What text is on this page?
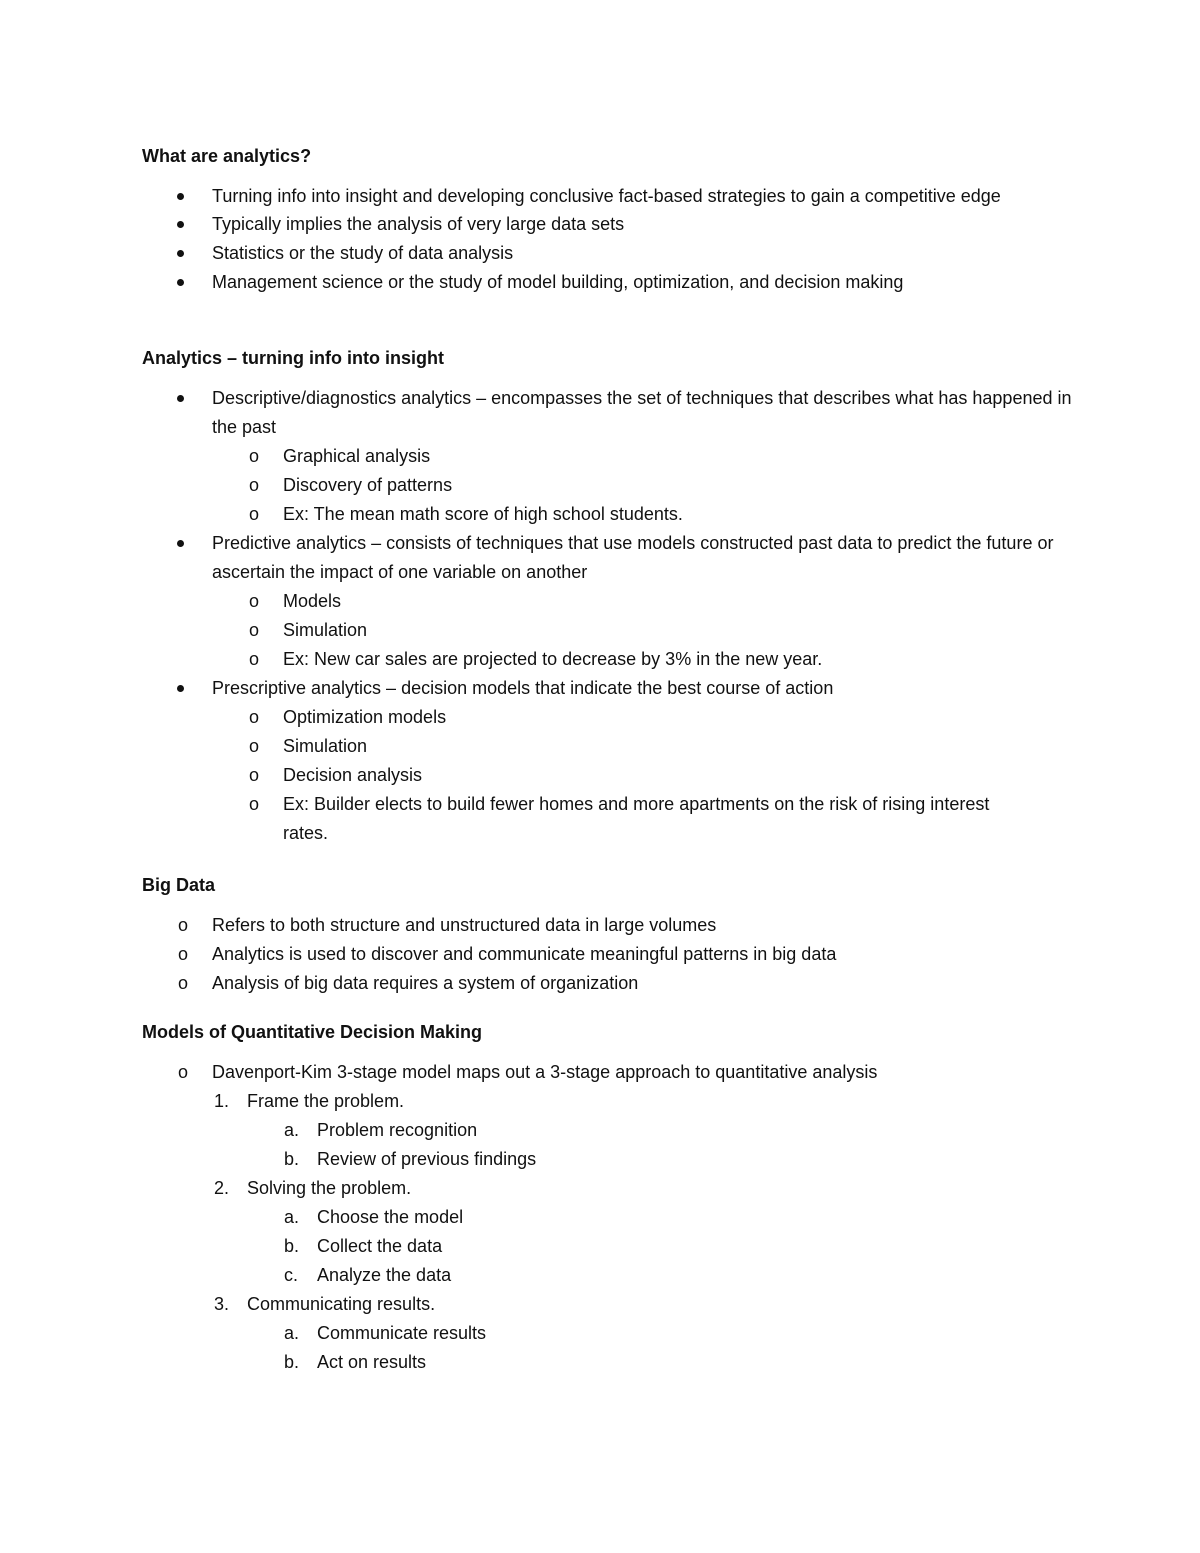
What are analytics?

Turning info into insight and developing conclusive fact-based strategies to gain a competitive edge
Typically implies the analysis of very large data sets
Statistics or the study of data analysis
Management science or the study of model building, optimization, and decision making

Analytics – turning info into insight

Descriptive/diagnostics analytics – encompasses the set of techniques that describes what has happened in the past
o Graphical analysis
o Discovery of patterns
o Ex: The mean math score of high school students.
Predictive analytics – consists of techniques that use models constructed past data to predict the future or ascertain the impact of one variable on another
o Models
o Simulation
o Ex: New car sales are projected to decrease by 3% in the new year.
Prescriptive analytics – decision models that indicate the best course of action
o Optimization models
o Simulation
o Decision analysis
o Ex: Builder elects to build fewer homes and more apartments on the risk of rising interest rates.

Big Data

o Refers to both structure and unstructured data in large volumes
o Analytics is used to discover and communicate meaningful patterns in big data
o Analysis of big data requires a system of organization

Models of Quantitative Decision Making

o Davenport-Kim 3-stage model maps out a 3-stage approach to quantitative analysis
1. Frame the problem.
a. Problem recognition
b. Review of previous findings
2. Solving the problem.
a. Choose the model
b. Collect the data
c. Analyze the data
3. Communicating results.
a. Communicate results
b. Act on results
